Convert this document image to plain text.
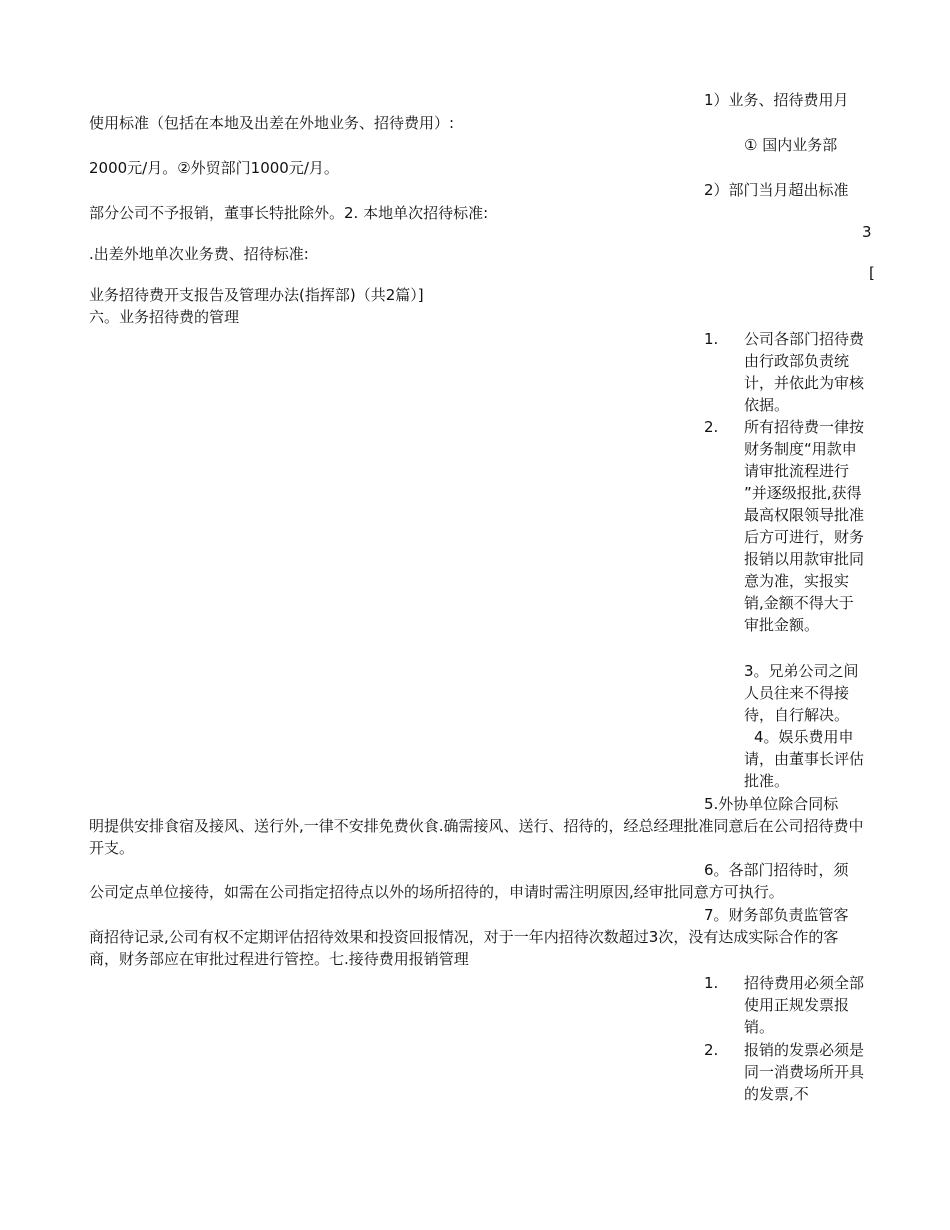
1）业务、招待费用月
使用标准（包括在本地及出差在外地业务、招待费用）:
① 国内业务部
2000元/月。②外贸部门1000元/月。
2）部门当月超出标准
部分公司不予报销，董事长特批除外。2. 本地单次招待标准:
3
.出差外地单次业务费、招待标准:
[
业务招待费开支报告及管理办法(指挥部)（共2篇）]
六。业务招待费的管理
1. 公司各部门招待费由行政部负责统计，并依此为审核依据。
2. 所有招待费一律按财务制度“用款申请审批流程进行 ”并逐级报批,获得最高权限领导批准后方可进行，财务报销以用款审批同意为准，实报实销,金额不得大于审批金额。
3。兄弟公司之间人员往来不得接待，自行解决。
4。娱乐费用申请，由董事长评估批准。
5.外协单位除合同标
明提供安排食宿及接风、送行外,一律不安排免费伙食.确需接风、送行、招待的，经总经理批准同意后在公司招待费中开支。
6。各部门招待时，须
公司定点单位接待，如需在公司指定招待点以外的场所招待的，申请时需注明原因,经审批同意方可执行。
7。财务部负责监管客
商招待记录,公司有权不定期评估招待效果和投资回报情况，对于一年内招待次数超过3次，没有达成实际合作的客商，财务部应在审批过程进行管控。七.接待费用报销管理
1. 招待费用必须全部使用正规发票报销。
2. 报销的发票必须是同一消费场所开具的发票,不
